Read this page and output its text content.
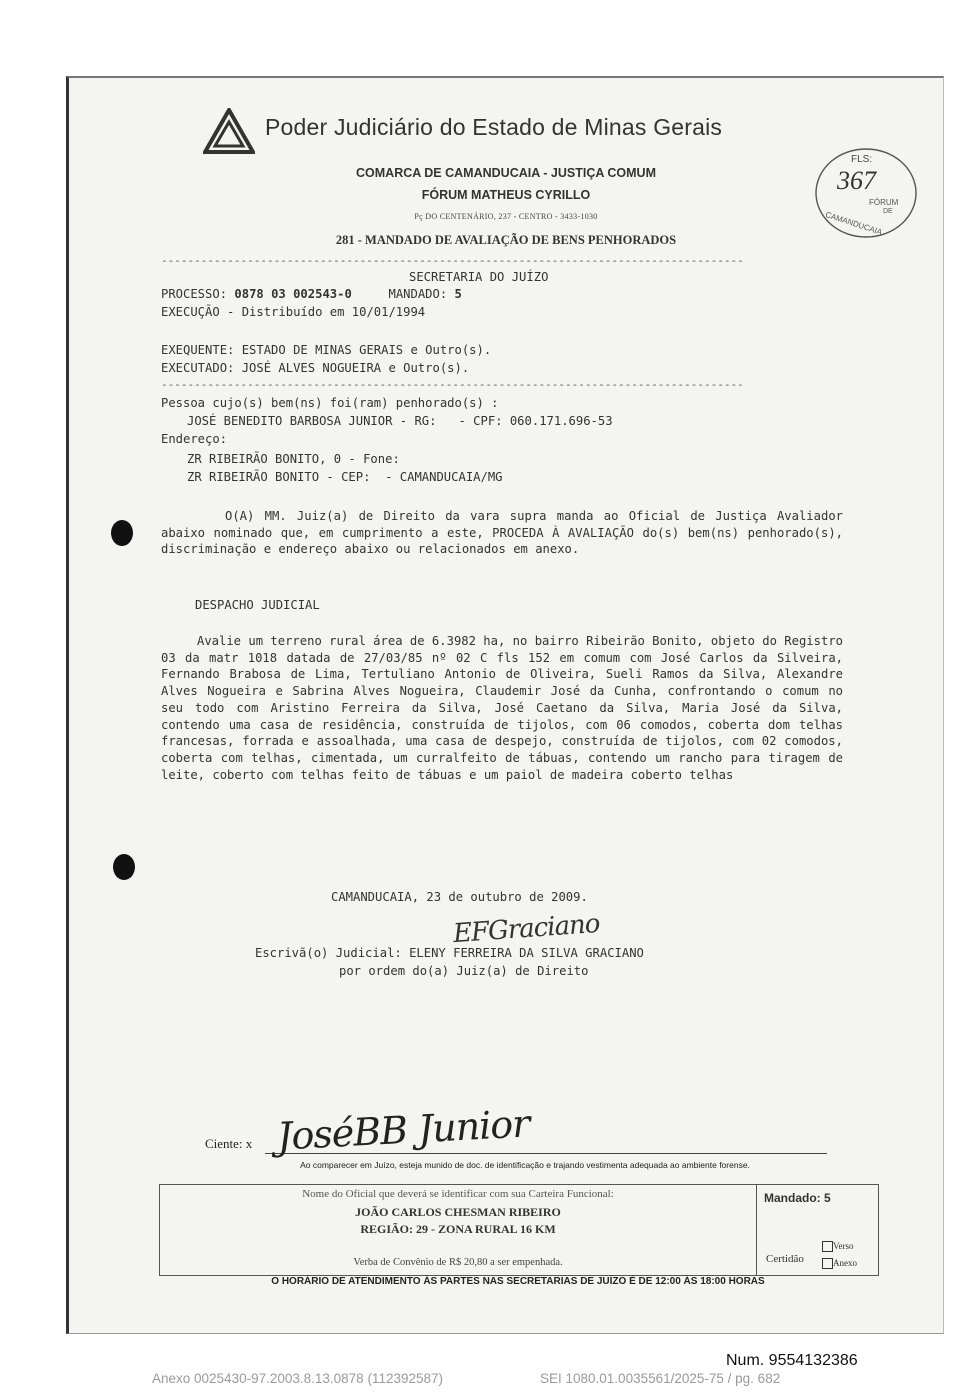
Poder Judiciário do Estado de Minas Gerais
COMARCA DE CAMANDUCAIA - JUSTIÇA COMUM
FÓRUM MATHEUS CYRILLO
Pç DO CENTENÁRIO, 237 - CENTRO - 3433-1030
281 - MANDADO DE AVALIAÇÃO DE BENS PENHORADOS
FLS:
367
FÓRUM
DE
CAMANDUCAIA
----------------------------------------------------------------------------------------
SECRETARIA DO JUÍZO
PROCESSO: 0878 03 002543-0	MANDADO: 5
EXECUÇÃO - Distribuído em 10/01/1994
EXEQUENTE: ESTADO DE MINAS GERAIS e Outro(s).
EXECUTADO: JOSÉ ALVES NOGUEIRA e Outro(s).
----------------------------------------------------------------------------------------
Pessoa cujo(s) bem(ns) foi(ram) penhorado(s) :
JOSÉ BENEDITO BARBOSA JUNIOR - RG:   - CPF: 060.171.696-53
Endereço:
ZR RIBEIRÃO BONITO, 0 - Fone:
ZR RIBEIRÃO BONITO - CEP:  - CAMANDUCAIA/MG
O(A) MM. Juiz(a) de Direito da vara supra manda ao Oficial de Justiça Avaliador abaixo nominado que, em cumprimento a este, PROCEDA À AVALIAÇÃO do(s) bem(ns) penhorado(s), discriminação e endereço abaixo ou relacionados em anexo.
DESPACHO JUDICIAL
Avalie um terreno rural área de 6.3982 ha, no bairro Ribeirão Bonito, objeto do Registro 03 da matr 1018 datada de 27/03/85 nº 02 C fls 152 em comum com José Carlos da Silveira, Fernando Brabosa de Lima, Tertuliano Antonio de Oliveira, Sueli Ramos da Silva, Alexandre Alves Nogueira e Sabrina Alves Nogueira, Claudemir José da Cunha, confrontando o comum no seu todo com Aristino Ferreira da Silva, José Caetano da Silva, Maria José da Silva, contendo uma casa de residência, construída de tijolos, com 06 comodos, coberta dom telhas francesas, forrada e assoalhada, uma casa de despejo, construída de tijolos, com 02 comodos, coberta com telhas, cimentada, um curralfeito de tábuas, contendo um rancho para tiragem de leite, coberto com telhas feito de tábuas e um paiol de madeira coberto telhas
CAMANDUCAIA, 23 de outubro de 2009.
EFGraciano
Escrivã(o) Judicial: ELENY FERREIRA DA SILVA GRACIANO
por ordem do(a) Juiz(a) de Direito
Ciente: x JoséBB Junior
Ao comparecer em Juízo, esteja munido de doc. de identificação e trajando vestimenta adequada ao ambiente forense.
Nome do Oficial que deverá se identificar com sua Carteira Funcional:
JOÃO CARLOS CHESMAN RIBEIRO
REGIÃO: 29 - ZONA RURAL 16 KM
Verba de Convênio de R$ 20,80 a ser empenhada.
Mandado: 5
Certidão
Verso
Anexo
O HORÁRIO DE ATENDIMENTO ÀS PARTES NAS SECRETARIAS DE JUÍZO É DE 12:00 ÀS 18:00 HORAS
Num. 9554132386
Anexo 0025430-97.2003.8.13.0878 (112392587)	SEI 1080.01.0035561/2025-75 / pg. 682
